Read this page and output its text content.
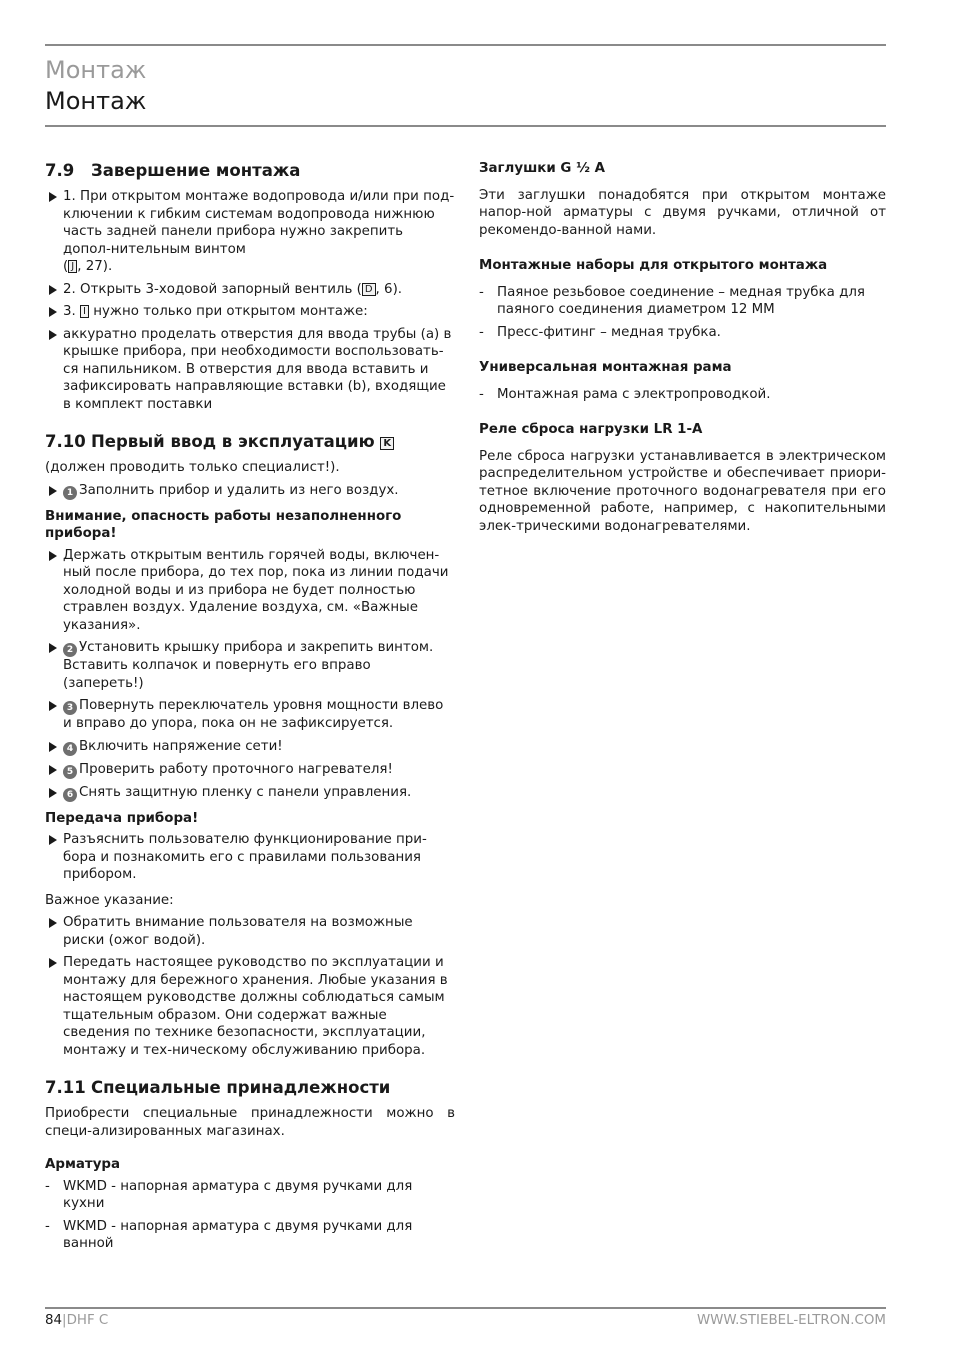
Монтаж
Монтаж
7.9 Завершение монтажа
1. При открытом монтаже водопровода и/или при под-ключении к гибким системам водопровода нижнюю часть задней панели прибора нужно закрепить допол-нительным винтом
( J , 27).
2. Открыть 3-ходовой запорный вентиль ( D , 6).
3. I нужно только при открытом монтаже:
аккуратно проделать отверстия для ввода трубы (a) в крышке прибора, при необходимости воспользовать-ся напильником. В отверстия для ввода вставить и зафиксировать направляющие вставки (b), входящие в комплект поставки
7.10 Первый ввод в эксплуатацию K

(должен проводить только специалист!).

1 Заполнить прибор и удалить из него воздух.
Внимание, опасность работы незаполненного прибора!
Держать открытым вентиль горячей воды, включен-ный после прибора, до тех пор, пока из линии подачи холодной воды и из прибора не будет полностью стравлен воздух. Удаление воздуха, см. «Важные указания».
2 Установить крышку прибора и закрепить винтом. Вставить колпачок и повернуть его вправо (запереть!)
3 Повернуть переключатель уровня мощности влево и вправо до упора, пока он не зафиксируется.
4 Включить напряжение сети!
5 Проверить работу проточного нагревателя!
6 Снять защитную пленку с панели управления.
Передача прибора!
Разъяснить пользователю функционирование при-бора и познакомить его с правилами пользования прибором.

Важное указание:

Обратить внимание пользователя на возможные риски (ожог водой).
Передать настоящее руководство по эксплуатации и монтажу для бережного хранения. Любые указания в настоящем руководстве должны соблюдаться самым тщательным образом. Они содержат важные сведения по технике безопасности, эксплуатации, монтажу и тех-ническому обслуживанию прибора.
7.11 Специальные принадлежности

Приобрести специальные принадлежности можно в специ-ализированных магазинах.

Арматура
- WKMD - напорная арматура с двумя ручками для кухни
- WKMD - напорная арматура с двумя ручками для ванной
Заглушки G ½ A

Эти заглушки понадобятся при открытом монтаже напор-ной арматуры с двумя ручками, отличной от рекомендо-ванной нами.

Монтажные наборы для открытого монтажа
- Паяное резьбовое соединение – медная трубка для паяного соединения диаметром 12 MM
- Пресс-фитинг – медная трубка.
Универсальная монтажная рама
- Монтажная рама с электропроводкой.
Реле сброса нагрузки LR 1-A

Реле сброса нагрузки устанавливается в электрическом распределительном устройстве и обеспечивает приори-тетное включение проточного водонагревателя при его одновременной работе, например, с накопительными элек-трическими водонагревателями.

84|DHF C	WWW.STIEBEL-ELTRON.COM
